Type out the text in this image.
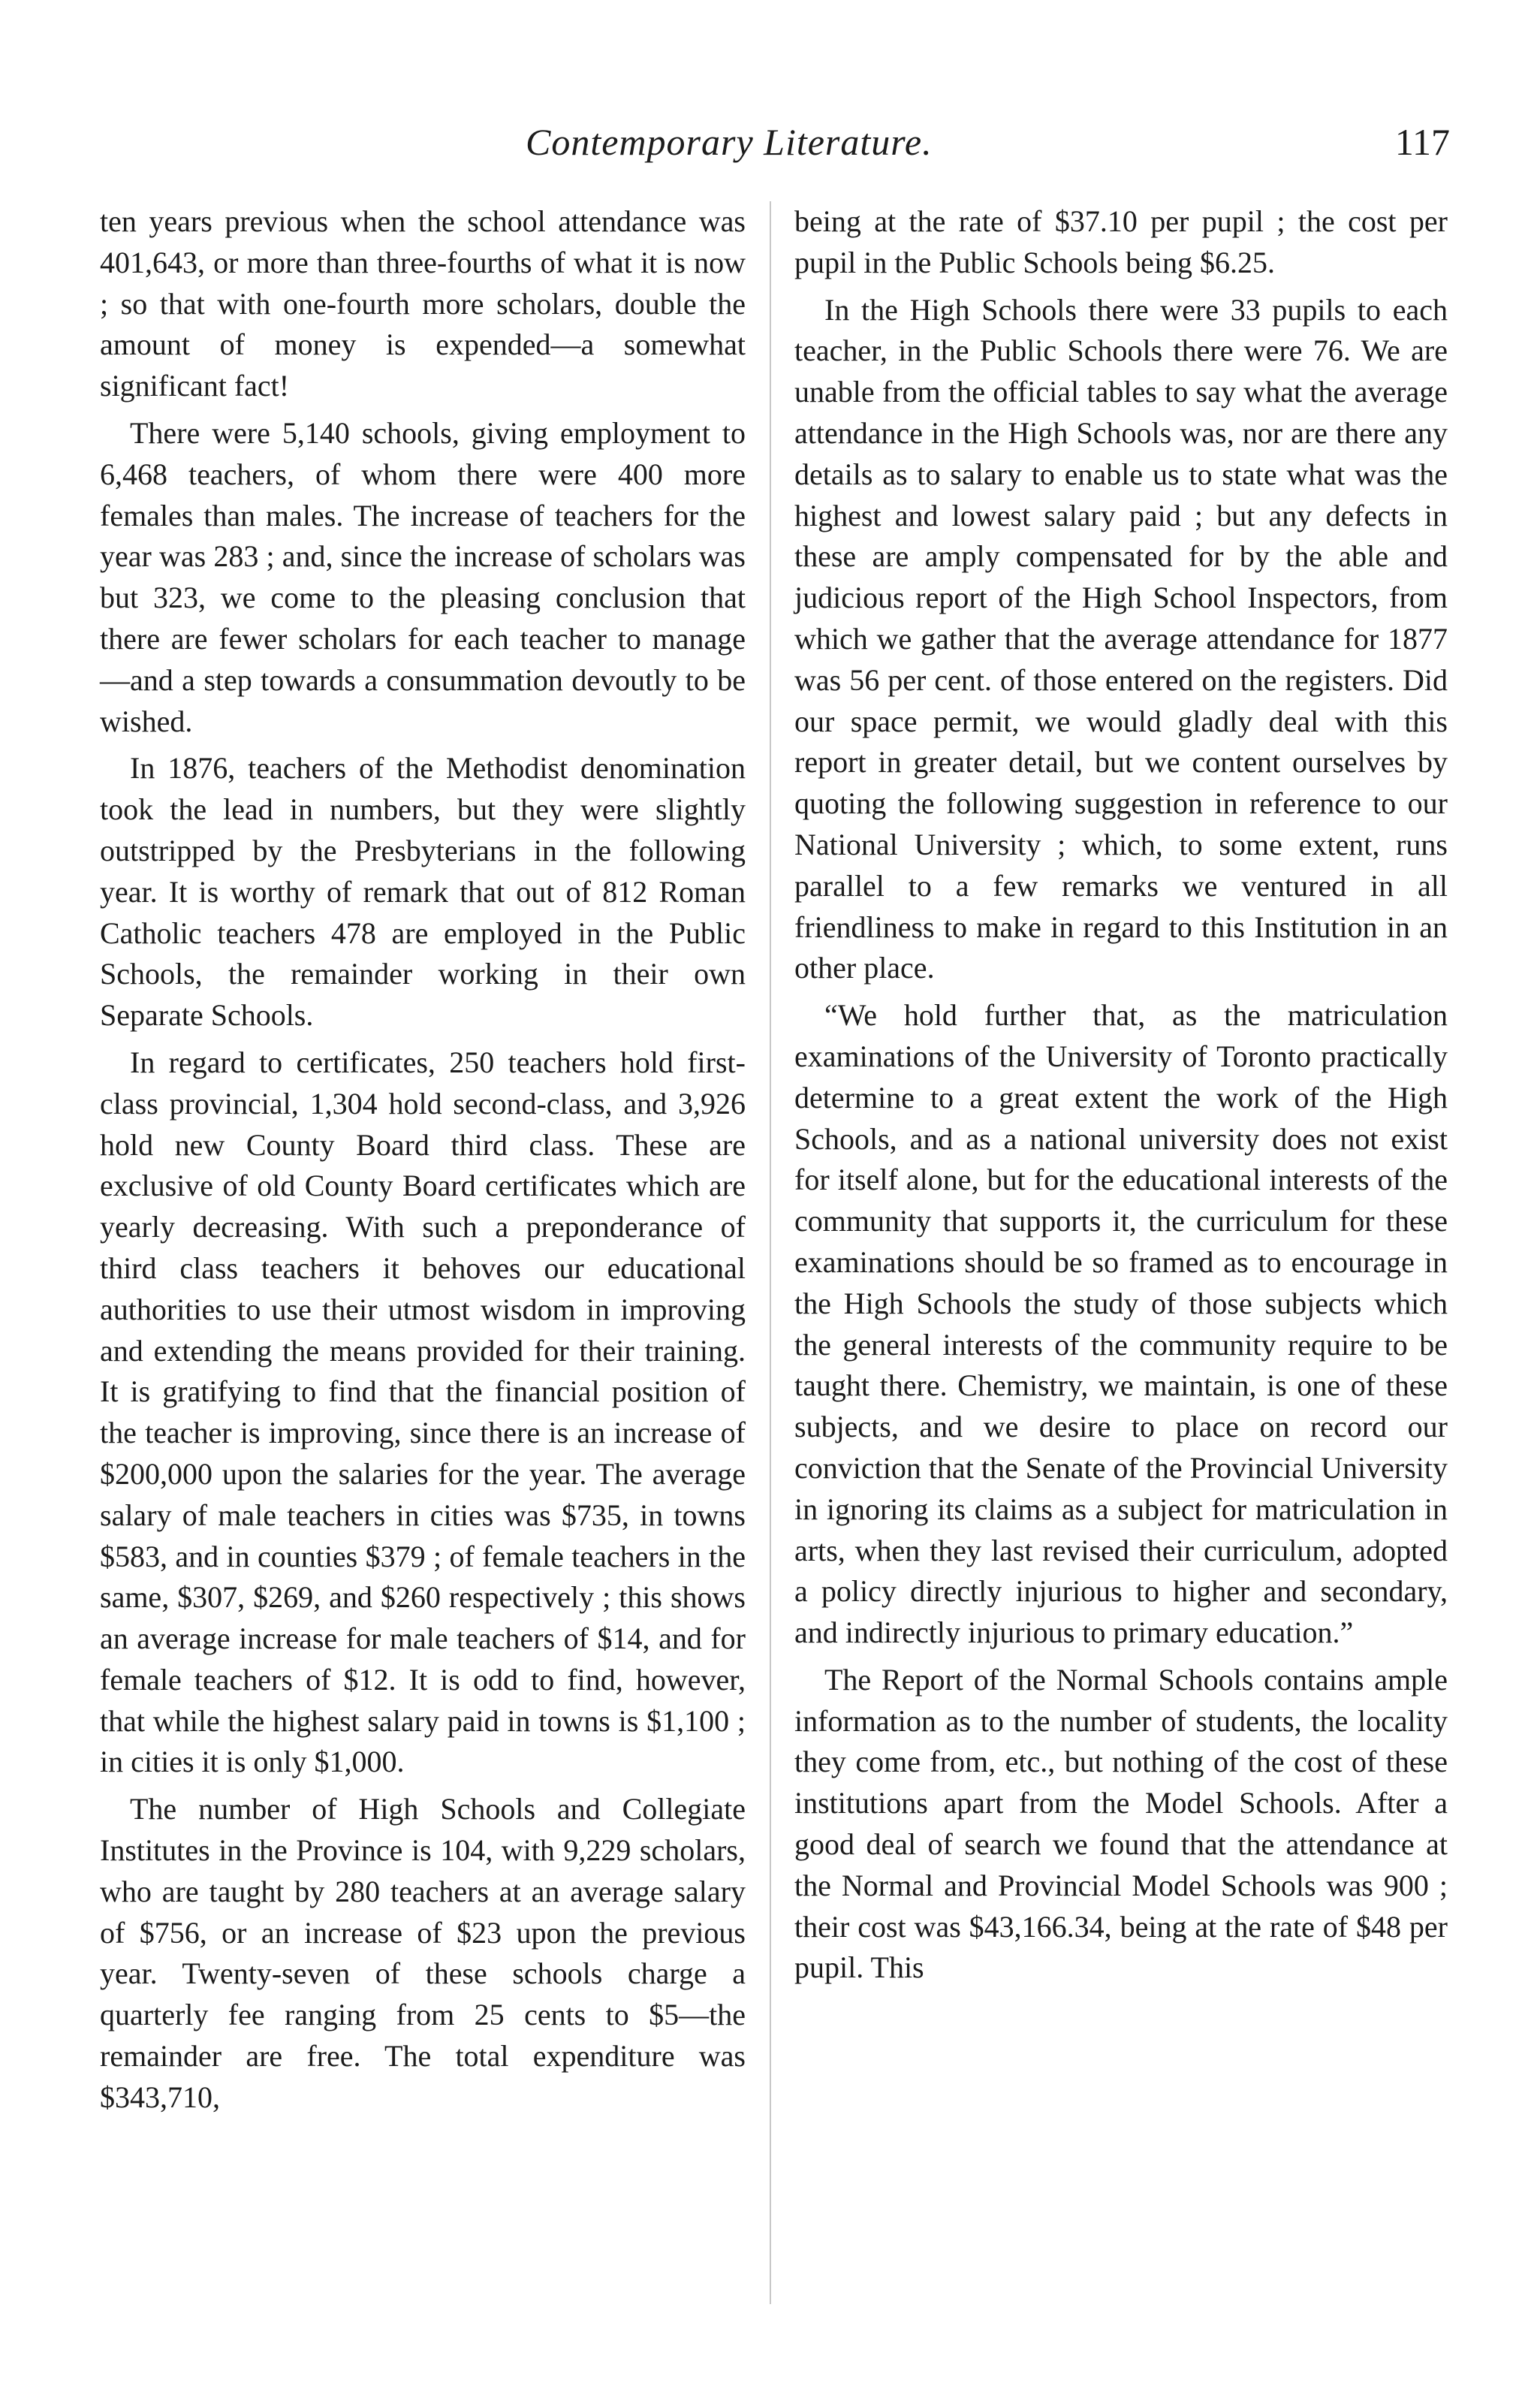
Contemporary Literature.	117

ten years previous when the school attendance was 401,643, or more than three-fourths of what it is now ; so that with one-fourth more scholars, double the amount of money is expended—a somewhat significant fact!

There were 5,140 schools, giving employment to 6,468 teachers, of whom there were 400 more females than males. The increase of teachers for the year was 283 ; and, since the increase of scholars was but 323, we come to the pleasing conclusion that there are fewer scholars for each teacher to manage—and a step towards a consummation devoutly to be wished.

In 1876, teachers of the Methodist denomination took the lead in numbers, but they were slightly outstripped by the Presbyterians in the following year. It is worthy of remark that out of 812 Roman Catholic teachers 478 are employed in the Public Schools, the remainder working in their own Separate Schools.

In regard to certificates, 250 teachers hold first-class provincial, 1,304 hold second-class, and 3,926 hold new County Board third class. These are exclusive of old County Board certificates which are yearly decreasing. With such a preponderance of third class teachers it behoves our educational authorities to use their utmost wisdom in improving and extending the means provided for their training. It is gratifying to find that the financial position of the teacher is improving, since there is an increase of $200,000 upon the salaries for the year. The average salary of male teachers in cities was $735, in towns $583, and in counties $379 ; of female teachers in the same, $307, $269, and $260 respectively ; this shows an average increase for male teachers of $14, and for female teachers of $12. It is odd to find, however, that while the highest salary paid in towns is $1,100 ; in cities it is only $1,000.

The number of High Schools and Collegiate Institutes in the Province is 104, with 9,229 scholars, who are taught by 280 teachers at an average salary of $756, or an increase of $23 upon the previous year. Twenty-seven of these schools charge a quarterly fee ranging from 25 cents to $5—the remainder are free. The total expenditure was $343,710,

being at the rate of $37.10 per pupil ; the cost per pupil in the Public Schools being $6.25.

In the High Schools there were 33 pupils to each teacher, in the Public Schools there were 76. We are unable from the official tables to say what the average attendance in the High Schools was, nor are there any details as to salary to enable us to state what was the highest and lowest salary paid ; but any defects in these are amply compensated for by the able and judicious report of the High School Inspectors, from which we gather that the average attendance for 1877 was 56 per cent. of those entered on the registers. Did our space permit, we would gladly deal with this report in greater detail, but we content ourselves by quoting the following suggestion in reference to our National University ; which, to some extent, runs parallel to a few remarks we ventured in all friendliness to make in regard to this Institution in an other place.

“We hold further that, as the matriculation examinations of the University of Toronto practically determine to a great extent the work of the High Schools, and as a national university does not exist for itself alone, but for the educational interests of the community that supports it, the curriculum for these examinations should be so framed as to encourage in the High Schools the study of those subjects which the general interests of the community require to be taught there. Chemistry, we maintain, is one of these subjects, and we desire to place on record our conviction that the Senate of the Provincial University in ignoring its claims as a subject for matriculation in arts, when they last revised their curriculum, adopted a policy directly injurious to higher and secondary, and indirectly injurious to primary education.”

The Report of the Normal Schools contains ample information as to the number of students, the locality they come from, etc., but nothing of the cost of these institutions apart from the Model Schools. After a good deal of search we found that the attendance at the Normal and Provincial Model Schools was 900 ; their cost was $43,166.34, being at the rate of $48 per pupil. This
